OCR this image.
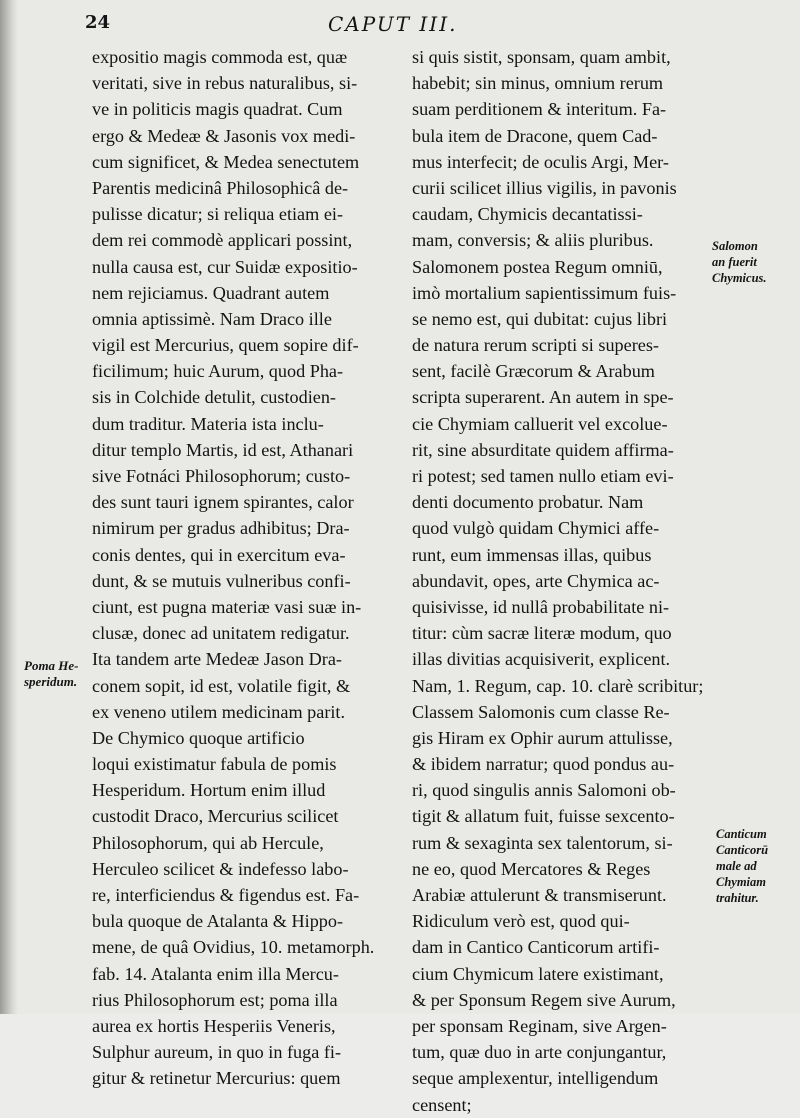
24	CAPUT III.
expositio magis commoda est, quæ
veritati, sive in rebus naturalibus, si-
ve in politicis magis quadrat. Cum
ergo & Medeæ & Jasonis vox medi-
cum significet, & Medea senectutem
Parentis medicinâ Philosophicâ de-
pulisse dicatur; si reliqua etiam ei-
dem rei commodè applicari possint,
nulla causa est, cur Suidæ expositio-
nem rejiciamus. Quadrant autem
omnia aptissimè. Nam Draco ille
vigil est Mercurius, quem sopire dif-
ficilimum; huic Aurum, quod Pha-
sis in Colchide detulit, custodien-
dum traditur. Materia ista inclu-
ditur templo Martis, id est, Athanari
sive Fotnáci Philosophorum; custo-
des sunt tauri ignem spirantes, calor
nimirum per gradus adhibitus; Dra-
conis dentes, qui in exercitum eva-
dunt, & se mutuis vulneribus confi-
ciunt, est pugna materiæ vasi suæ in-
clusæ, donec ad unitatem redigatur.
Ita tandem arte Medeæ Jason Dra-
conem sopit, id est, volatile figit, &
ex veneno utilem medicinam parit.
De Chymico quoque artificio
loqui existimatur fabula de pomis
Hesperidum. Hortum enim illud
custodit Draco, Mercurius scilicet
Philosophorum, qui ab Hercule,
Herculeo scilicet & indefesso labo-
re, interficiendus & figendus est. Fa-
bula quoque de Atalanta & Hippo-
mene, de quâ Ovidius, 10. metamorph.
fab. 14. Atalanta enim illa Mercu-
rius Philosophorum est; poma illa
aurea ex hortis Hesperiis Veneris,
Sulphur aureum, in quo in fuga fi-
gitur & retinetur Mercurius: quem
si quis sistit, sponsam, quam ambit,
habebit; sin minus, omnium rerum
suam perditionem & interitum. Fa-
bula item de Dracone, quem Cad-
mus interfecit; de oculis Argi, Mer-
curii scilicet illius vigilis, in pavonis
caudam, Chymicis decantatissi-
mam, conversis; & aliis pluribus.
Salomonem postea Regum omniū,
imò mortalium sapientissimum fuis-
se nemo est, qui dubitat: cujus libri
de natura rerum scripti si superes-
sent, facilè Græcorum & Arabum
scripta superarent. An autem in spe-
cie Chymiam calluerit vel excolue-
rit, sine absurditate quidem affirma-
ri potest; sed tamen nullo etiam evi-
denti documento probatur. Nam
quod vulgò quidam Chymici affe-
runt, eum immensas illas, quibus
abundavit, opes, arte Chymica ac-
quisivisse, id nullâ probabilitate ni-
titur: cùm sacræ literæ modum, quo
illas divitias acquisiverit, explicent.
Nam, 1. Regum, cap. 10. clarè scribitur;
Classem Salomonis cum classe Re-
gis Hiram ex Ophir aurum attulisse,
& ibidem narratur; quod pondus au-
ri, quod singulis annis Salomoni ob-
tigit & allatum fuit, fuisse sexcento-
rum & sexaginta sex talentorum, si-
ne eo, quod Mercatores & Reges
Arabiæ attulerunt & transmiserunt.
Ridiculum verò est, quod qui-
dam in Cantico Canticorum artifi-
cium Chymicum latere existimant,
& per Sponsum Regem sive Aurum,
per sponsam Reginam, sive Argen-
tum, quæ duo in arte conjungantur,
seque amplexentur, intelligendum
censent;
Salomon
an fuerit
Chymicus.
Poma He-
speridum.
Canticum
Canticorū
male ad
Chymiam
trahitur.
